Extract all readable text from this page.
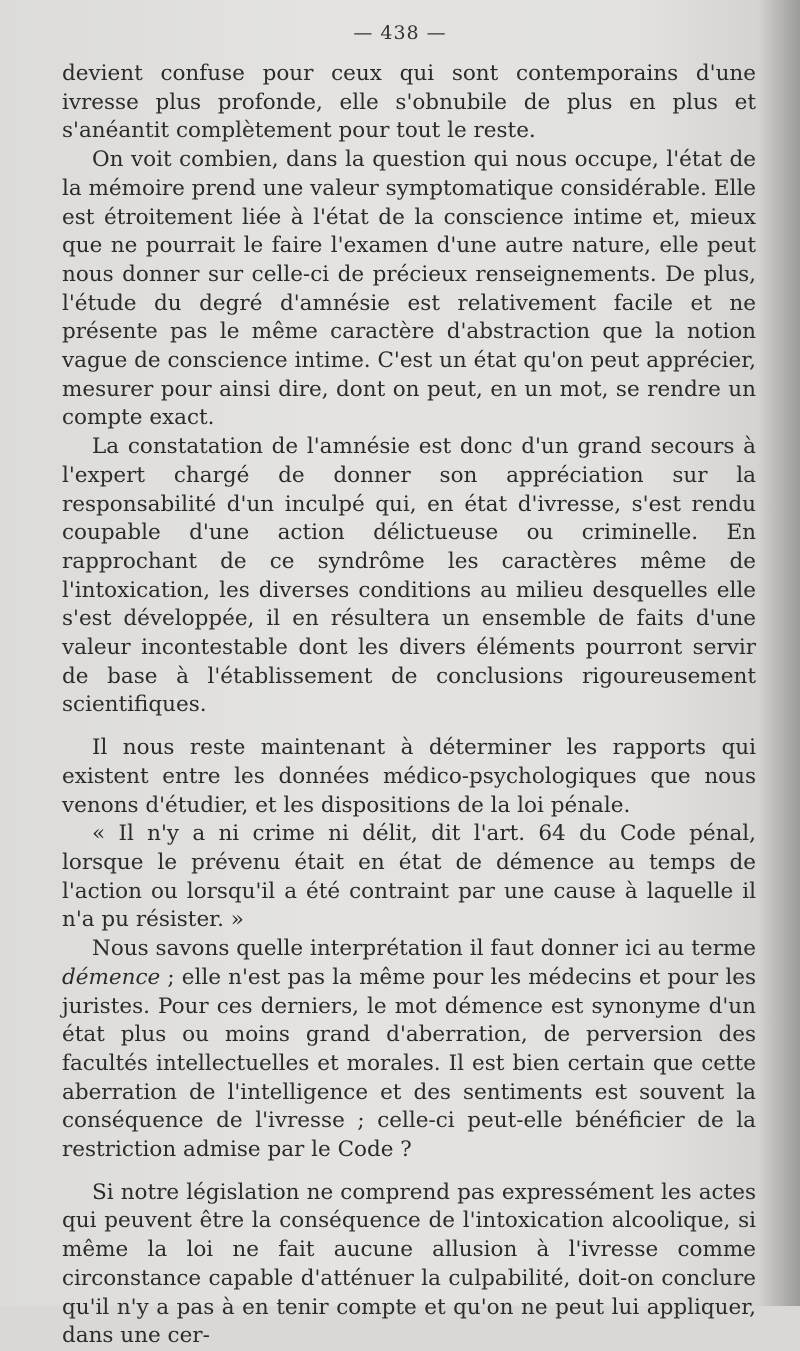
— 438 —

devient confuse pour ceux qui sont contemporains d'une ivresse plus profonde, elle s'obnubile de plus en plus et s'anéantit complètement pour tout le reste.

On voit combien, dans la question qui nous occupe, l'état de la mémoire prend une valeur symptomatique considérable. Elle est étroitement liée à l'état de la conscience intime et, mieux que ne pourrait le faire l'examen d'une autre nature, elle peut nous donner sur celle-ci de précieux renseignements. De plus, l'étude du degré d'amnésie est relativement facile et ne présente pas le même caractère d'abstraction que la notion vague de conscience intime. C'est un état qu'on peut apprécier, mesurer pour ainsi dire, dont on peut, en un mot, se rendre un compte exact.

La constatation de l'amnésie est donc d'un grand secours à l'expert chargé de donner son appréciation sur la responsabilité d'un inculpé qui, en état d'ivresse, s'est rendu coupable d'une action délictueuse ou criminelle. En rapprochant de ce syndrôme les caractères même de l'intoxication, les diverses conditions au milieu desquelles elle s'est développée, il en résultera un ensemble de faits d'une valeur incontestable dont les divers éléments pourront servir de base à l'établissement de conclusions rigoureusement scientifiques.

Il nous reste maintenant à déterminer les rapports qui existent entre les données médico-psychologiques que nous venons d'étudier, et les dispositions de la loi pénale.

« Il n'y a ni crime ni délit, dit l'art. 64 du Code pénal, lorsque le prévenu était en état de démence au temps de l'action ou lorsqu'il a été contraint par une cause à laquelle il n'a pu résister. »

Nous savons quelle interprétation il faut donner ici au terme démence ; elle n'est pas la même pour les médecins et pour les juristes. Pour ces derniers, le mot démence est synonyme d'un état plus ou moins grand d'aberration, de perversion des facultés intellectuelles et morales. Il est bien certain que cette aberration de l'intelligence et des sentiments est souvent la conséquence de l'ivresse ; celle-ci peut-elle bénéficier de la restriction admise par le Code ?

Si notre législation ne comprend pas expressément les actes qui peuvent être la conséquence de l'intoxication alcoolique, si même la loi ne fait aucune allusion à l'ivresse comme circonstance capable d'atténuer la culpabilité, doit-on conclure qu'il n'y a pas à en tenir compte et qu'on ne peut lui appliquer, dans une cer-
